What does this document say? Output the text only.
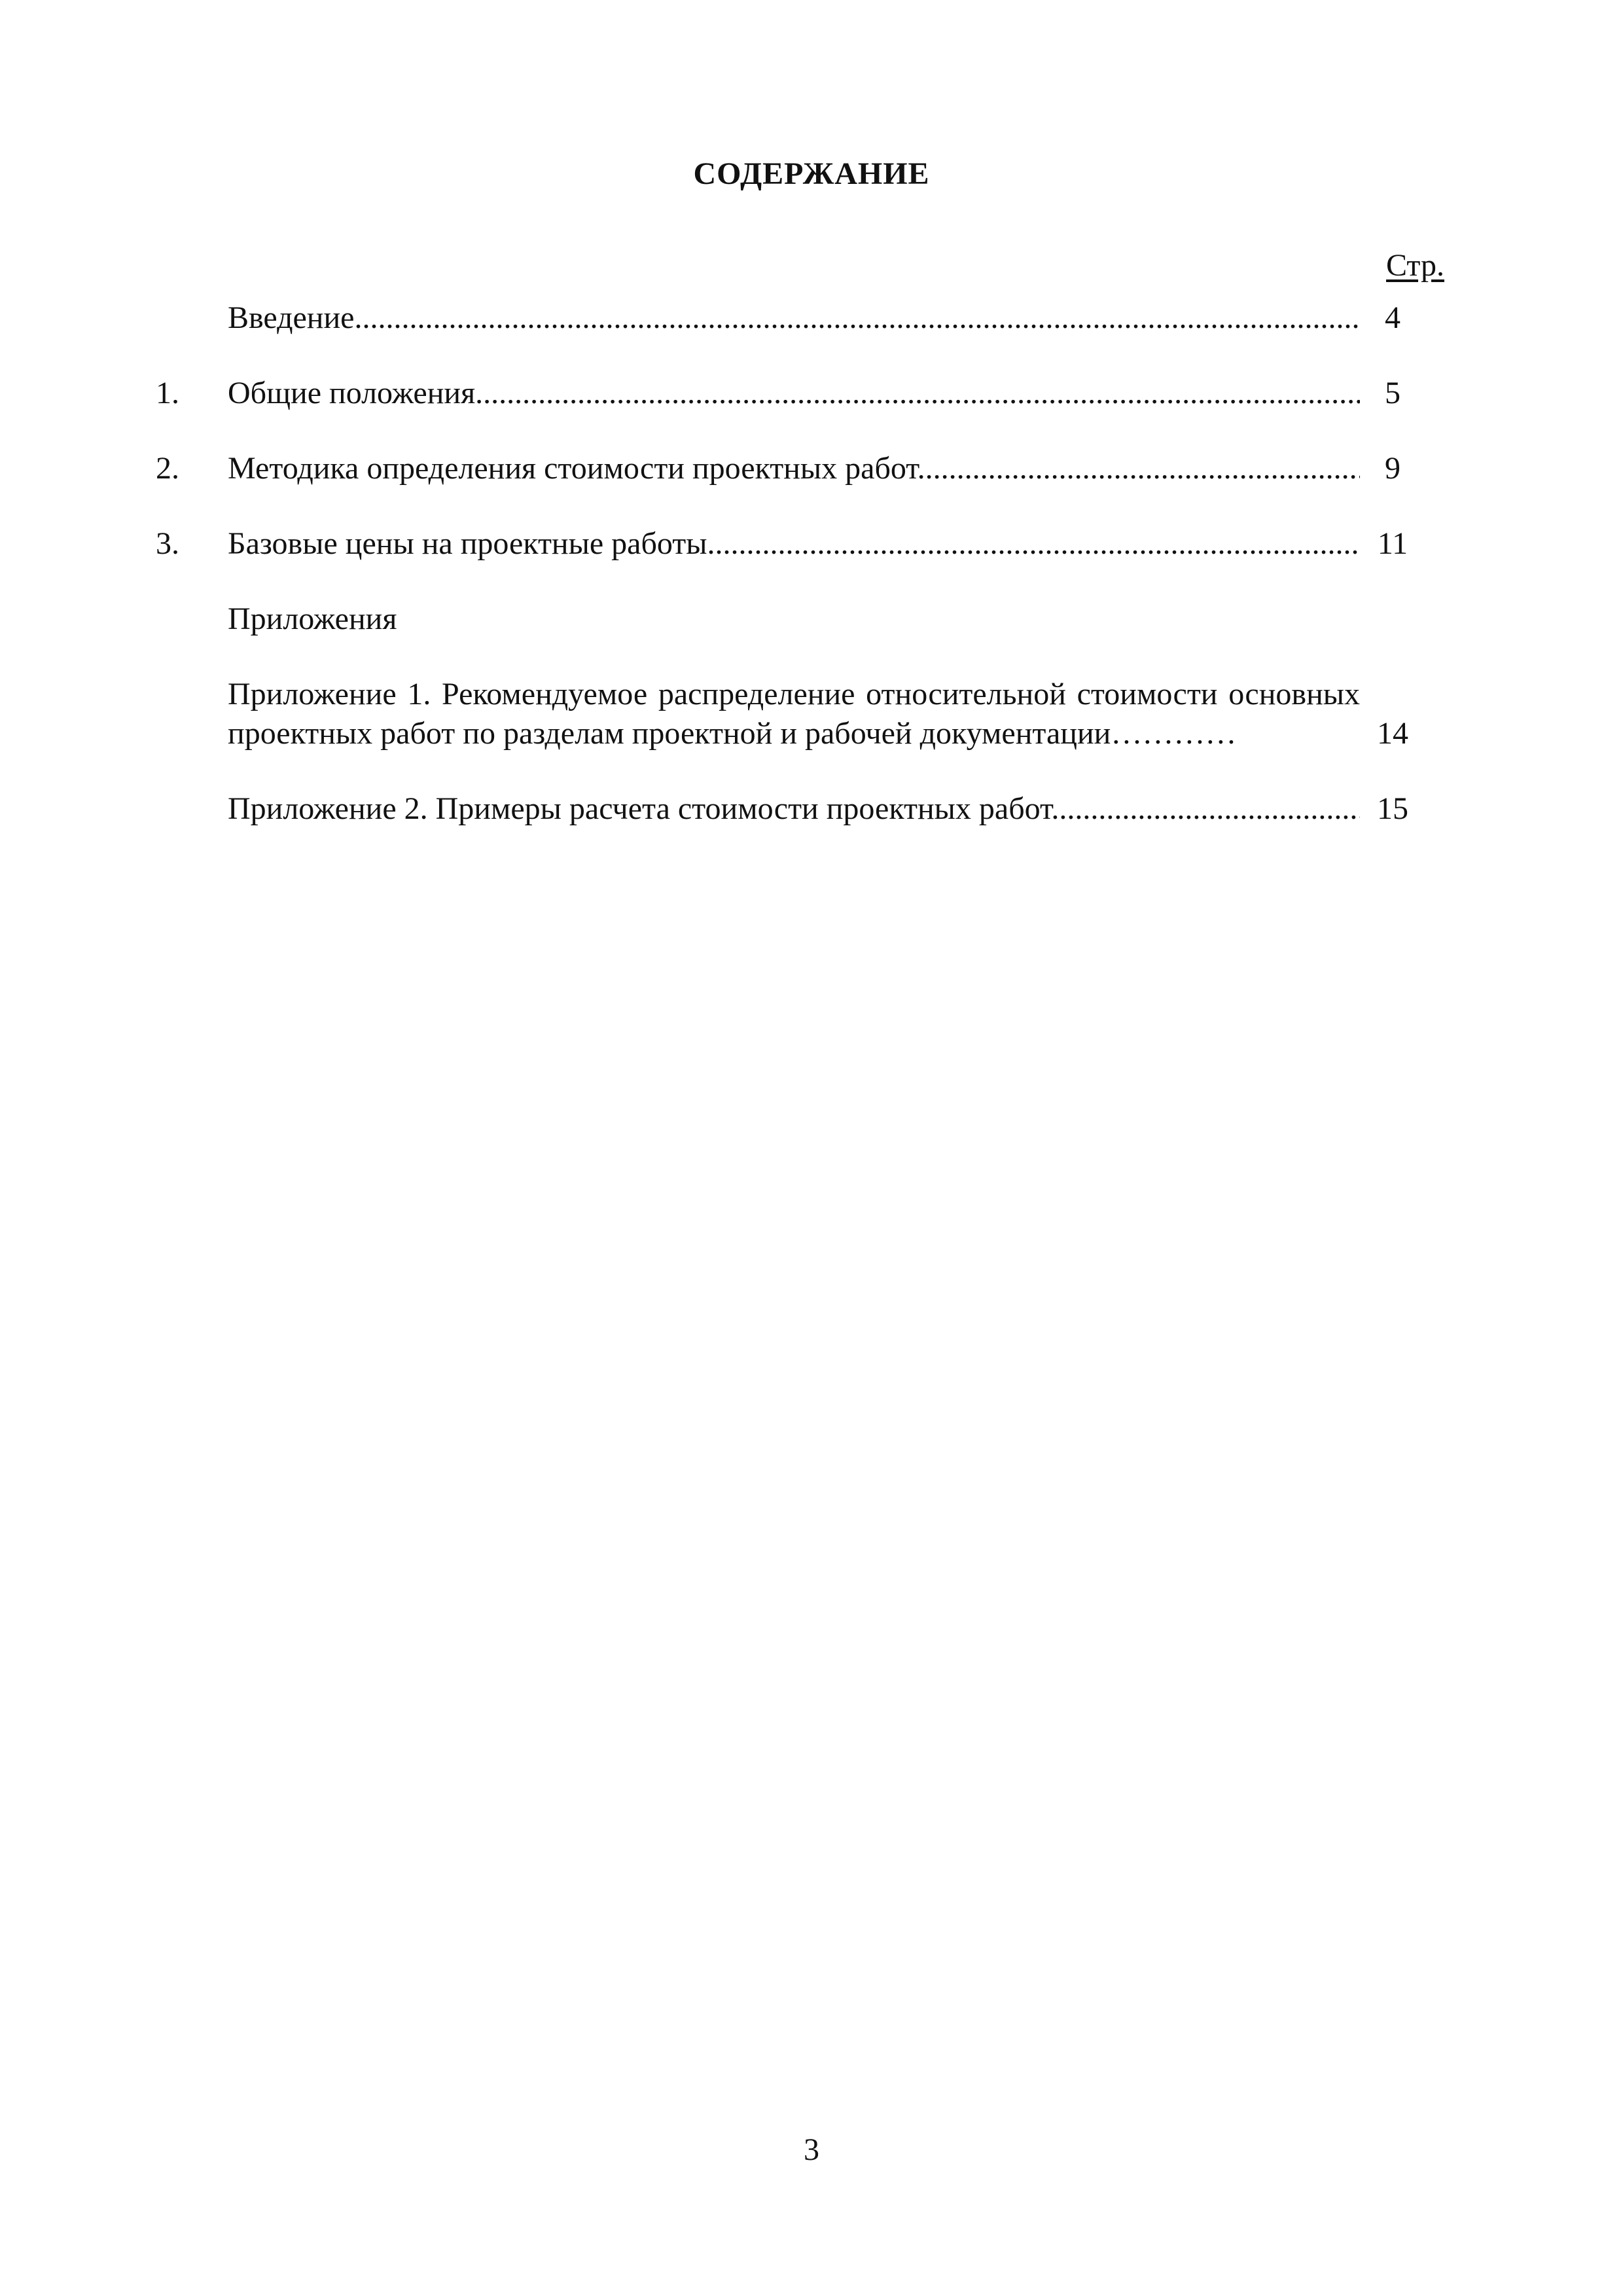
СОДЕРЖАНИЕ
Стр.
Введение .....	4
1. Общие положения .....	5
2. Методика определения стоимости проектных работ .....	9
3. Базовые цены на проектные работы .....	11
Приложения
Приложение 1. Рекомендуемое распределение относительной стоимости основных проектных работ по разделам проектной и рабочей документации…………	14
Приложение 2. Примеры расчета стоимости проектных работ .....	15
3
